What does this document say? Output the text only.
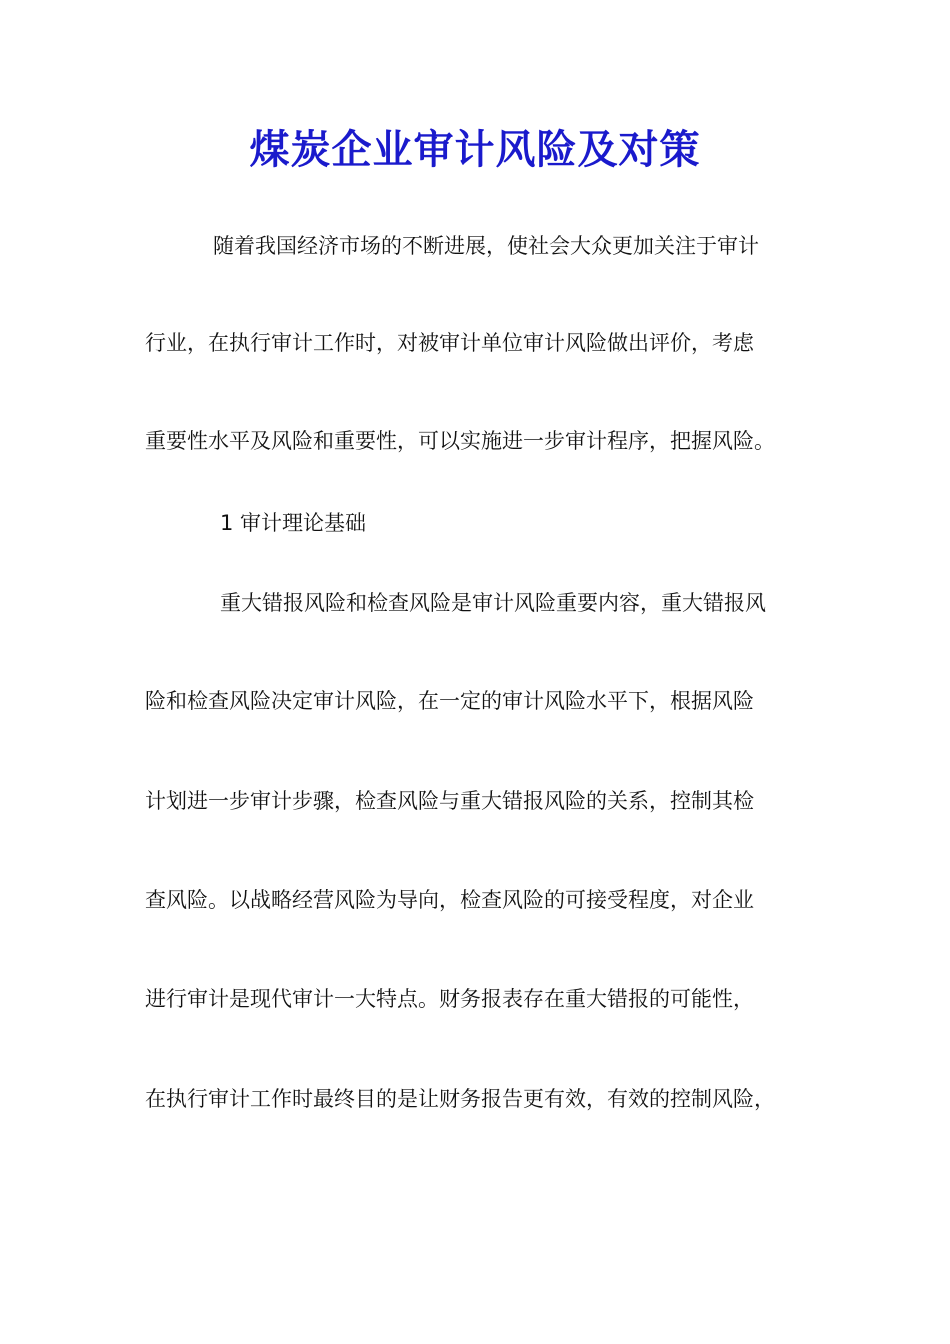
煤炭企业审计风险及对策
随着我国经济市场的不断进展，使社会大众更加关注于审计
行业，在执行审计工作时，对被审计单位审计风险做出评价，考虑
重要性水平及风险和重要性，可以实施进一步审计程序，把握风险。
1 审计理论基础
重大错报风险和检查风险是审计风险重要内容，重大错报风
险和检查风险决定审计风险，在一定的审计风险水平下，根据风险
计划进一步审计步骤，检查风险与重大错报风险的关系，控制其检
查风险。以战略经营风险为导向，检查风险的可接受程度，对企业
进行审计是现代审计一大特点。财务报表存在重大错报的可能性，
在执行审计工作时最终目的是让财务报告更有效，有效的控制风险，
